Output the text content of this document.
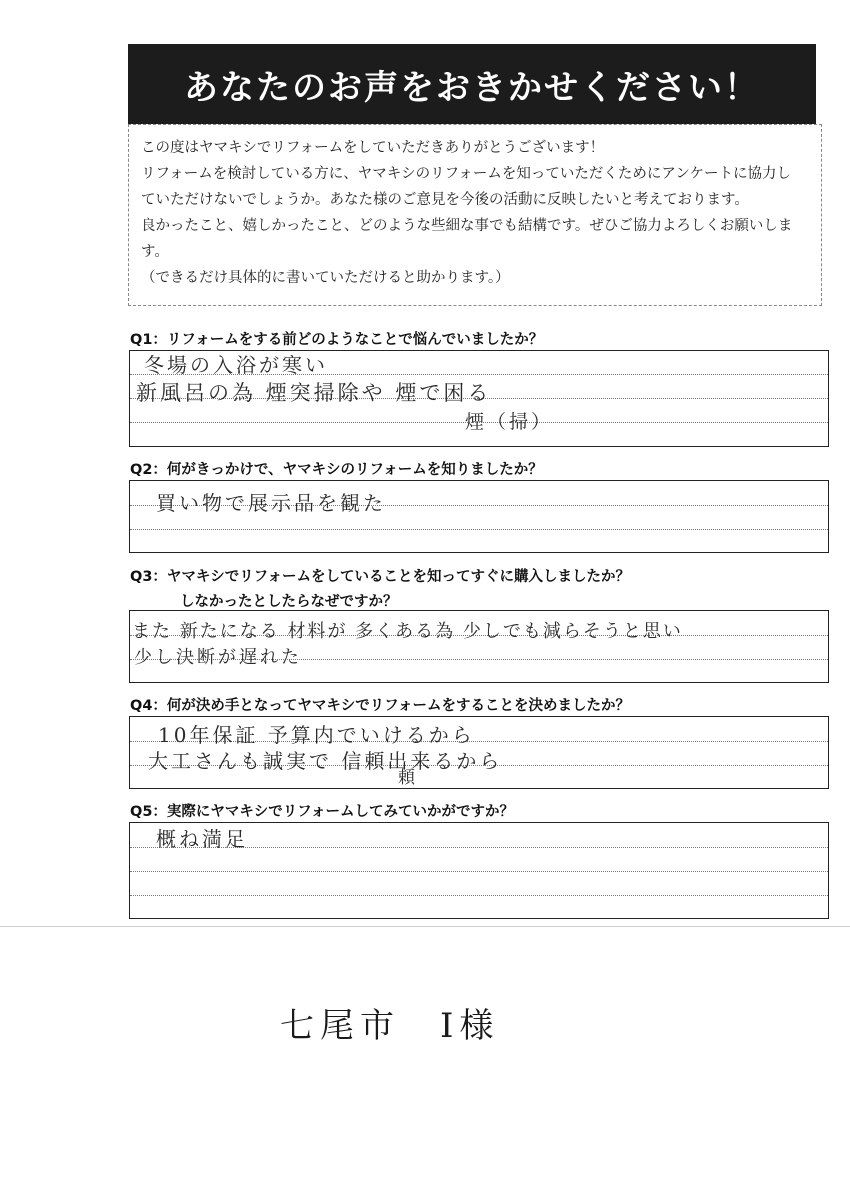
あなたのお声をおきかせください！

この度はヤマキシでリフォームをしていただきありがとうございます！

リフォームを検討している方に、ヤマキシのリフォームを知っていただくためにアンケートに協力し

ていただけないでしょうか。あなた様のご意見を今後の活動に反映したいと考えております。

良かったこと、嬉しかったこと、どのような些細な事でも結構です。ぜひご協力よろしくお願いしま

す。

（できるだけ具体的に書いていただけると助かります。）

Q1：リフォームをする前どのようなことで悩んでいましたか？
冬場の入浴が寒い
新風呂の為 煙突掃除や 煙で困る
煙（掃）
Q2：何がきっかけで、ヤマキシのリフォームを知りましたか？
買い物で展示品を観た
Q3：ヤマキシでリフォームをしていることを知ってすぐに購入しましたか？
しなかったとしたらなぜですか？
また 新たになる 材料が 多くある為 少しでも減らそうと思い
少し決断が遅れた
Q4：何が決め手となってヤマキシでリフォームをすることを決めましたか？
10年保証 予算内でいけるから
大工さんも誠実で 信頼出来るから
頼
Q5：実際にヤマキシでリフォームしてみていかがですか？
概ね満足
七尾市　I様
